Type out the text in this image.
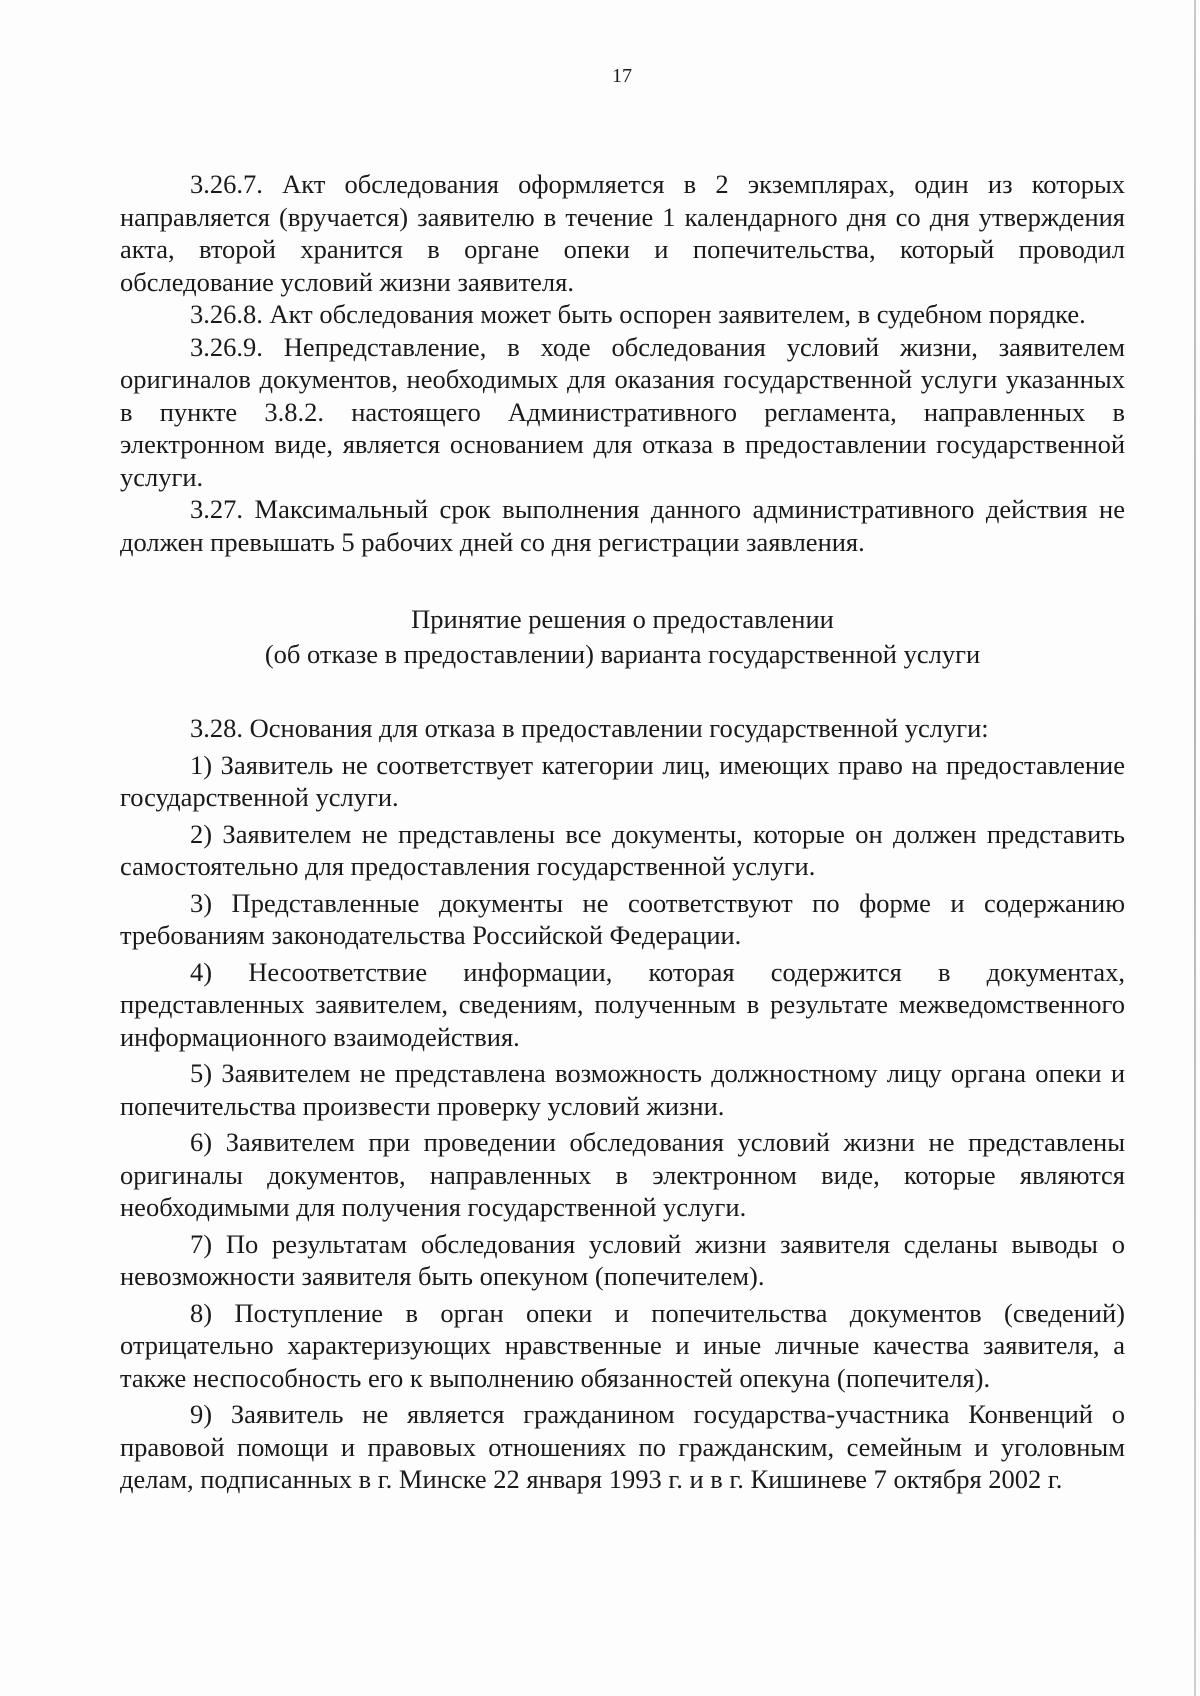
17

3.26.7. Акт обследования оформляется в 2 экземплярах, один из которых направляется (вручается) заявителю в течение 1 календарного дня со дня утверждения акта, второй хранится в органе опеки и попечительства, который проводил обследование условий жизни заявителя.

3.26.8. Акт обследования может быть оспорен заявителем, в судебном порядке.

3.26.9. Непредставление, в ходе обследования условий жизни, заявителем оригиналов документов, необходимых для оказания государственной услуги указанных в пункте 3.8.2. настоящего Административного регламента, направленных в электронном виде, является основанием для отказа в предоставлении государственной услуги.

3.27. Максимальный срок выполнения данного административного действия не должен превышать 5 рабочих дней со дня регистрации заявления.

Принятие решения о предоставлении
(об отказе в предоставлении) варианта государственной услуги

3.28. Основания для отказа в предоставлении государственной услуги:

1) Заявитель не соответствует категории лиц, имеющих право на предоставление государственной услуги.

2) Заявителем не представлены все документы, которые он должен представить самостоятельно для предоставления государственной услуги.

3) Представленные документы не соответствуют по форме и содержанию требованиям законодательства Российской Федерации.

4) Несоответствие информации, которая содержится в документах, представленных заявителем, сведениям, полученным в результате межведомственного информационного взаимодействия.

5) Заявителем не представлена возможность должностному лицу органа опеки и попечительства произвести проверку условий жизни.

6) Заявителем при проведении обследования условий жизни не представлены оригиналы документов, направленных в электронном виде, которые являются необходимыми для получения государственной услуги.

7) По результатам обследования условий жизни заявителя сделаны выводы о невозможности заявителя быть опекуном (попечителем).

8) Поступление в орган опеки и попечительства документов (сведений) отрицательно характеризующих нравственные и иные личные качества заявителя, а также неспособность его к выполнению обязанностей опекуна (попечителя).

9) Заявитель не является гражданином государства-участника Конвенций о правовой помощи и правовых отношениях по гражданским, семейным и уголовным делам, подписанных в г. Минске 22 января 1993 г. и в г. Кишиневе 7 октября 2002 г.
